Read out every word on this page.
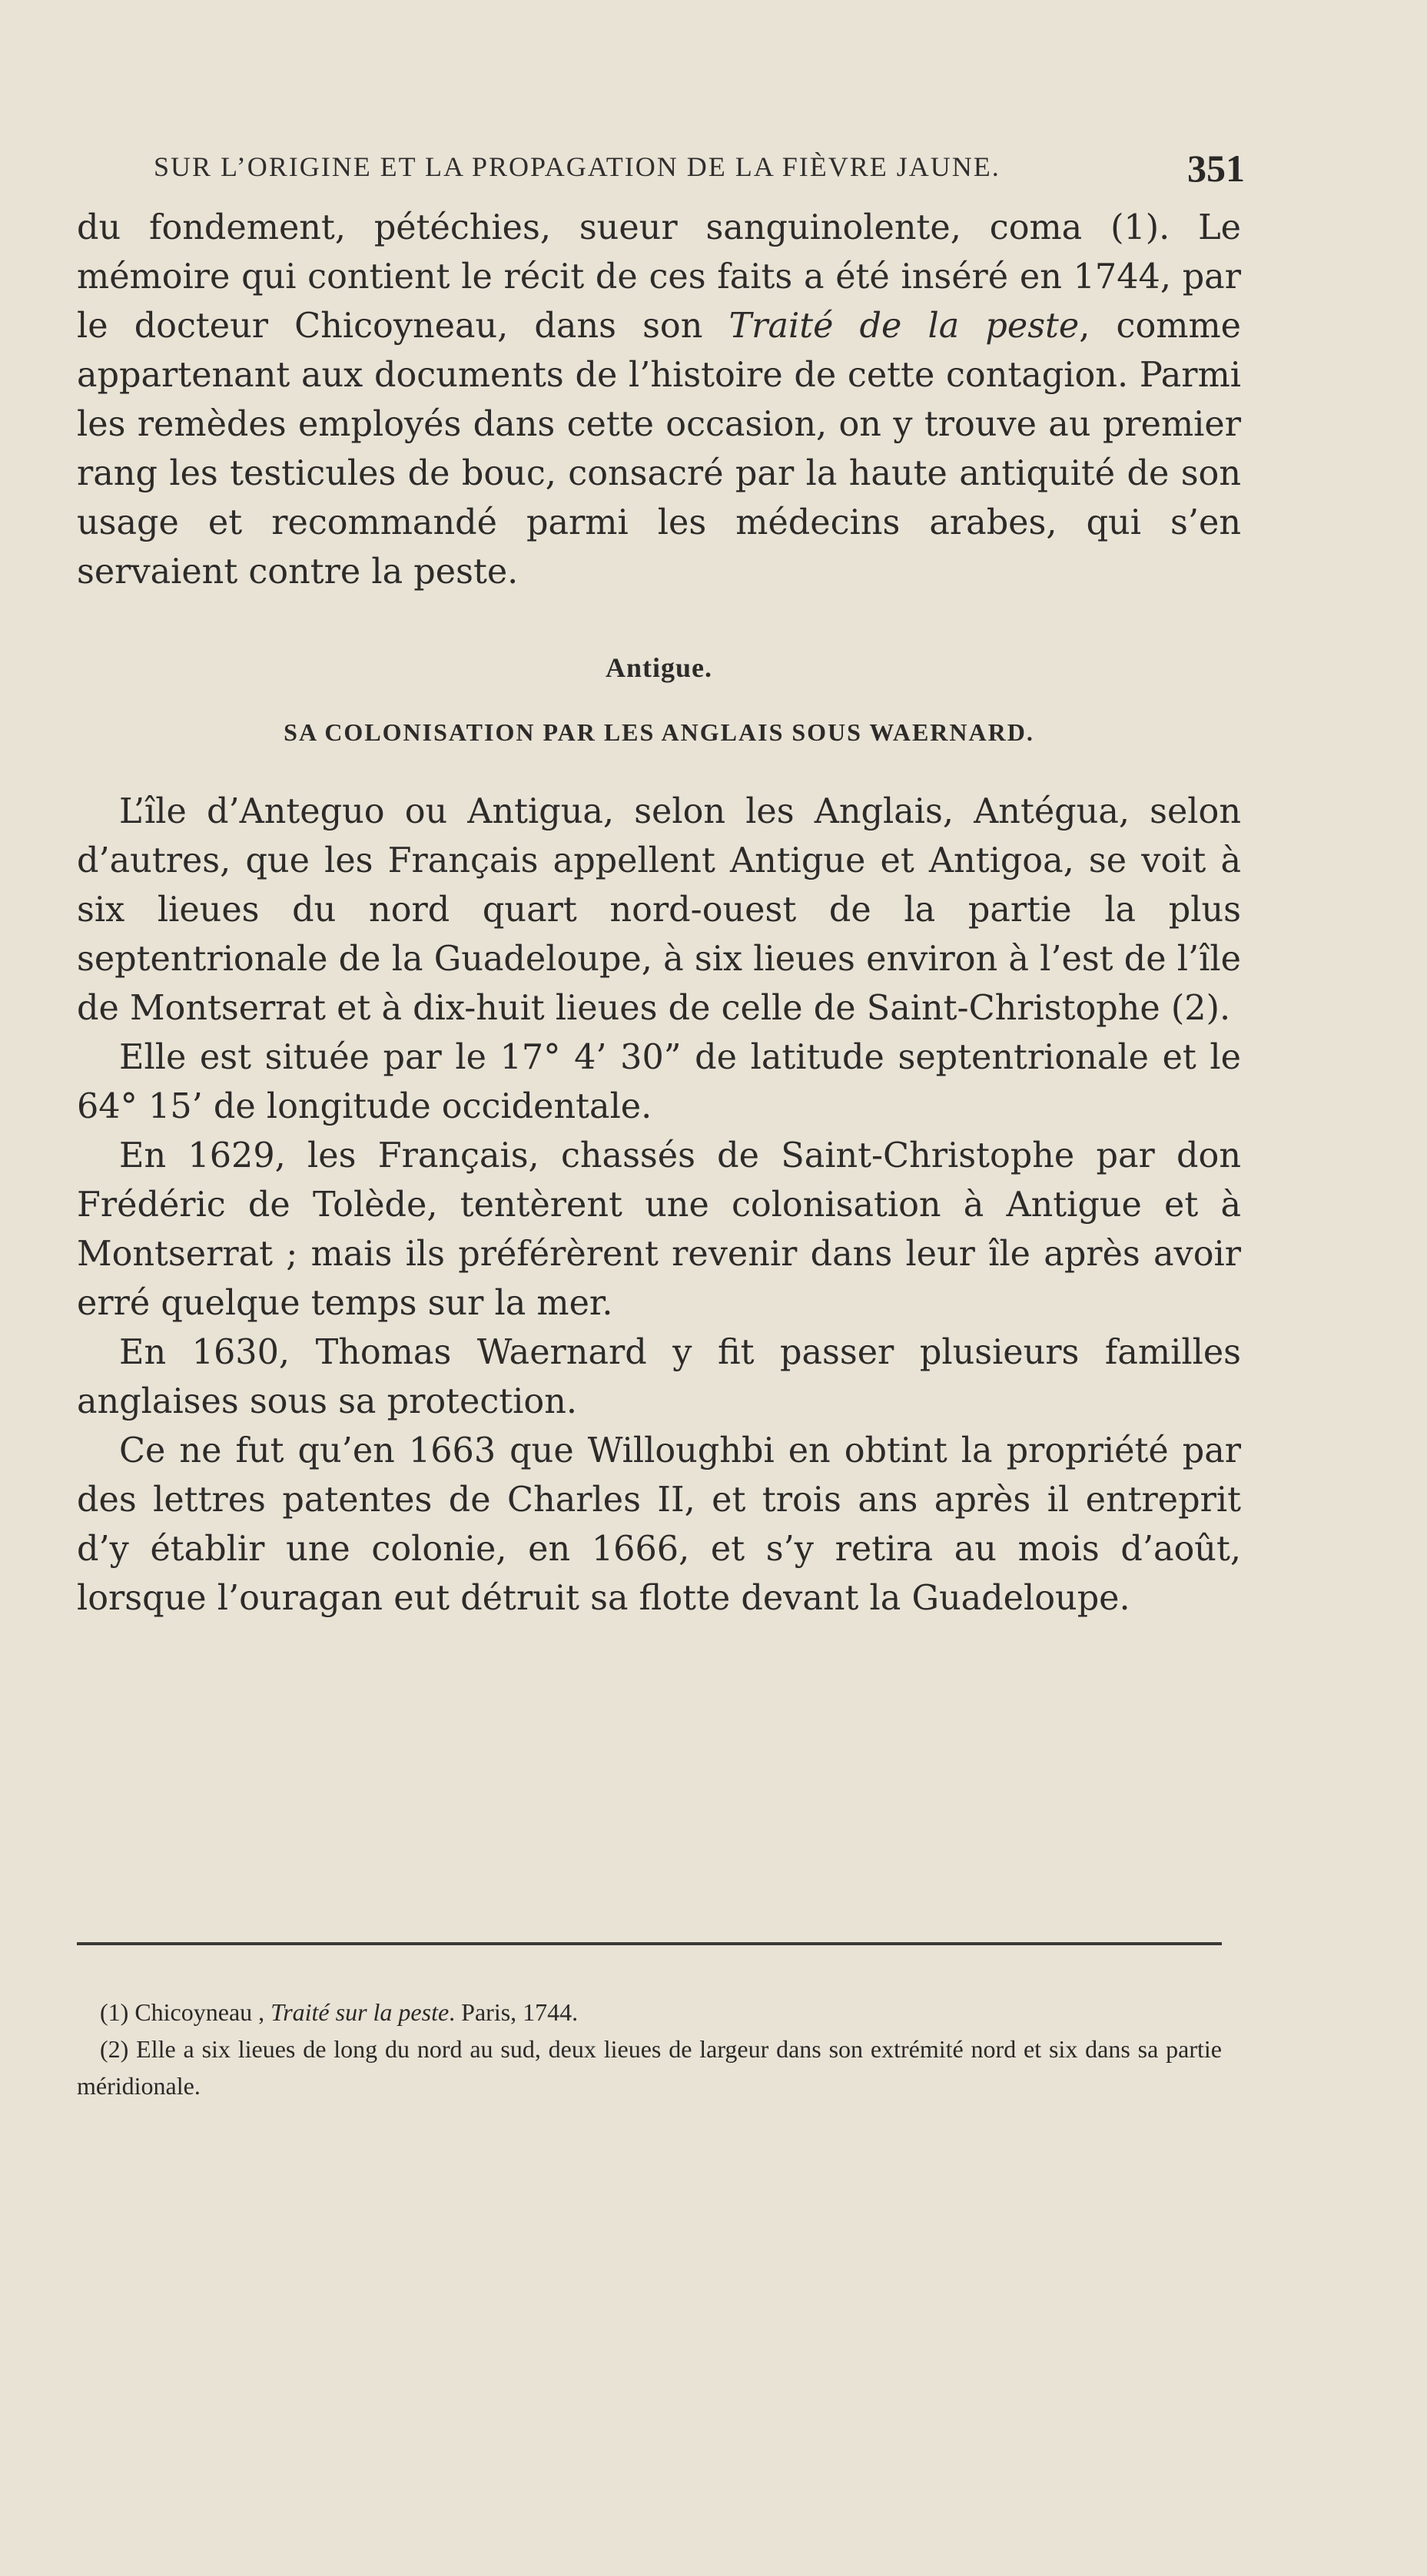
SUR L’ORIGINE ET LA PROPAGATION DE LA FIÈVRE JAUNE.	351

du fondement, pétéchies, sueur sanguinolente, coma (1). Le mémoire qui contient le récit de ces faits a été inséré en 1744, par le docteur Chicoyneau, dans son Traité de la peste, comme appartenant aux documents de l’histoire de cette contagion. Parmi les remèdes employés dans cette occasion, on y trouve au premier rang les testicules de bouc, consacré par la haute antiquité de son usage et recommandé parmi les médecins arabes, qui s’en servaient contre la peste.

Antigue.
SA COLONISATION PAR LES ANGLAIS SOUS WAERNARD.

L’île d’Anteguo ou Antigua, selon les Anglais, Antégua, selon d’autres, que les Français appellent Antigue et Antigoa, se voit à six lieues du nord quart nord-ouest de la partie la plus septentrionale de la Guadeloupe, à six lieues environ à l’est de l’île de Montserrat et à dix-huit lieues de celle de Saint-Christophe (2).

Elle est située par le 17° 4’ 30” de latitude septentrionale et le 64° 15’ de longitude occidentale.

En 1629, les Français, chassés de Saint-Christophe par don Frédéric de Tolède, tentèrent une colonisation à Antigue et à Montserrat ; mais ils préférèrent revenir dans leur île après avoir erré quelque temps sur la mer.

En 1630, Thomas Waernard y fit passer plusieurs familles anglaises sous sa protection.

Ce ne fut qu’en 1663 que Willoughbi en obtint la propriété par des lettres patentes de Charles II, et trois ans après il entreprit d’y établir une colonie, en 1666, et s’y retira au mois d’août, lorsque l’ouragan eut détruit sa flotte devant la Guadeloupe.

(1) Chicoyneau , Traité sur la peste. Paris, 1744.

(2) Elle a six lieues de long du nord au sud, deux lieues de largeur dans son extrémité nord et six dans sa partie méridionale.
